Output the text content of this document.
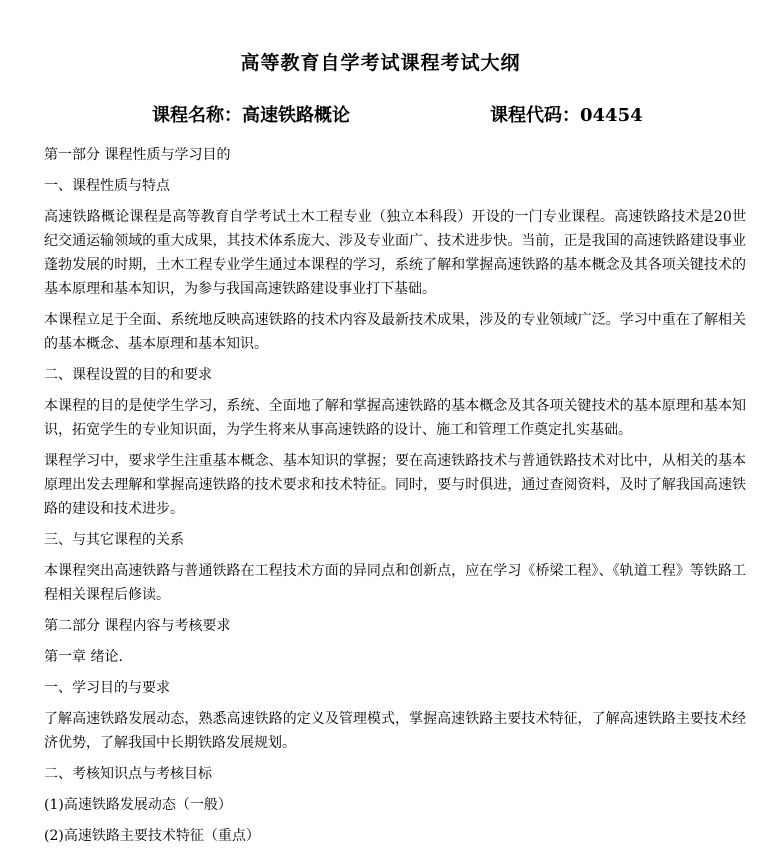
高等教育自学考试课程考试大纲
课程名称：高速铁路概论	课程代码：04454
第一部分 课程性质与学习目的
一、课程性质与特点
高速铁路概论课程是高等教育自学考试土木工程专业（独立本科段）开设的一门专业课程。高速铁路技术是20世纪交通运输领域的重大成果，其技术体系庞大、涉及专业面广、技术进步快。当前，正是我国的高速铁路建设事业蓬勃发展的时期，土木工程专业学生通过本课程的学习，系统了解和掌握高速铁路的基本概念及其各项关键技术的基本原理和基本知识，为参与我国高速铁路建设事业打下基础。
本课程立足于全面、系统地反映高速铁路的技术内容及最新技术成果，涉及的专业领域广泛。学习中重在了解相关的基本概念、基本原理和基本知识。
二、课程设置的目的和要求
本课程的目的是使学生学习，系统、全面地了解和掌握高速铁路的基本概念及其各项关键技术的基本原理和基本知识，拓宽学生的专业知识面，为学生将来从事高速铁路的设计、施工和管理工作奠定扎实基础。
课程学习中，要求学生注重基本概念、基本知识的掌握；要在高速铁路技术与普通铁路技术对比中，从相关的基本原理出发去理解和掌握高速铁路的技术要求和技术特征。同时，要与时俱进，通过查阅资料，及时了解我国高速铁路的建设和技术进步。
三、与其它课程的关系
本课程突出高速铁路与普通铁路在工程技术方面的异同点和创新点，应在学习《桥梁工程》、《轨道工程》等铁路工程相关课程后修读。
第二部分 课程内容与考核要求
第一章 绪论.
一、学习目的与要求
了解高速铁路发展动态，熟悉高速铁路的定义及管理模式，掌握高速铁路主要技术特征，了解高速铁路主要技术经济优势，了解我国中长期铁路发展规划。
二、考核知识点与考核目标
(1)高速铁路发展动态（一般）
(2)高速铁路主要技术特征（重点）
